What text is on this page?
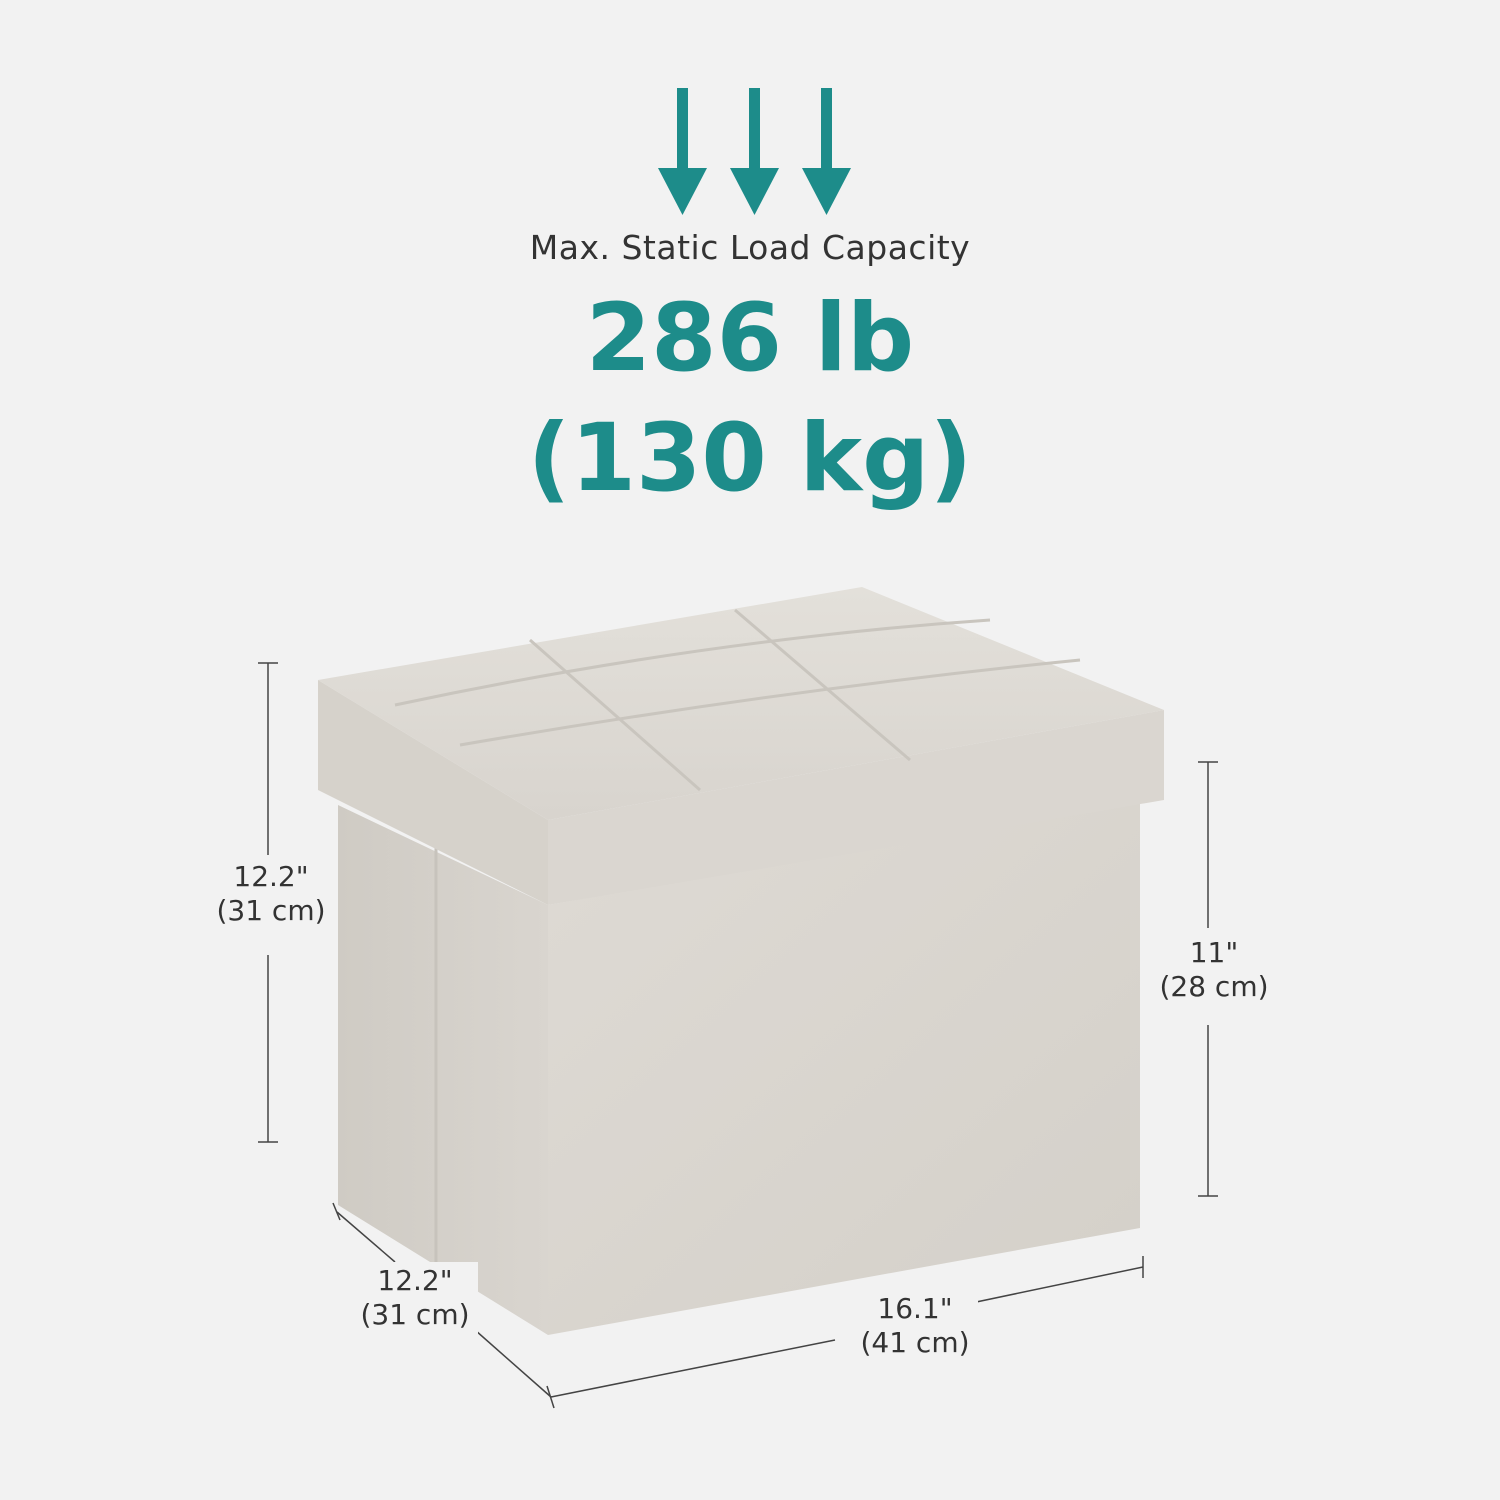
Max. Static Load Capacity
286 lb
(130 kg)
12.2"
(31 cm)
11"
(28 cm)
12.2"
(31 cm)	16.1"
(41 cm)
